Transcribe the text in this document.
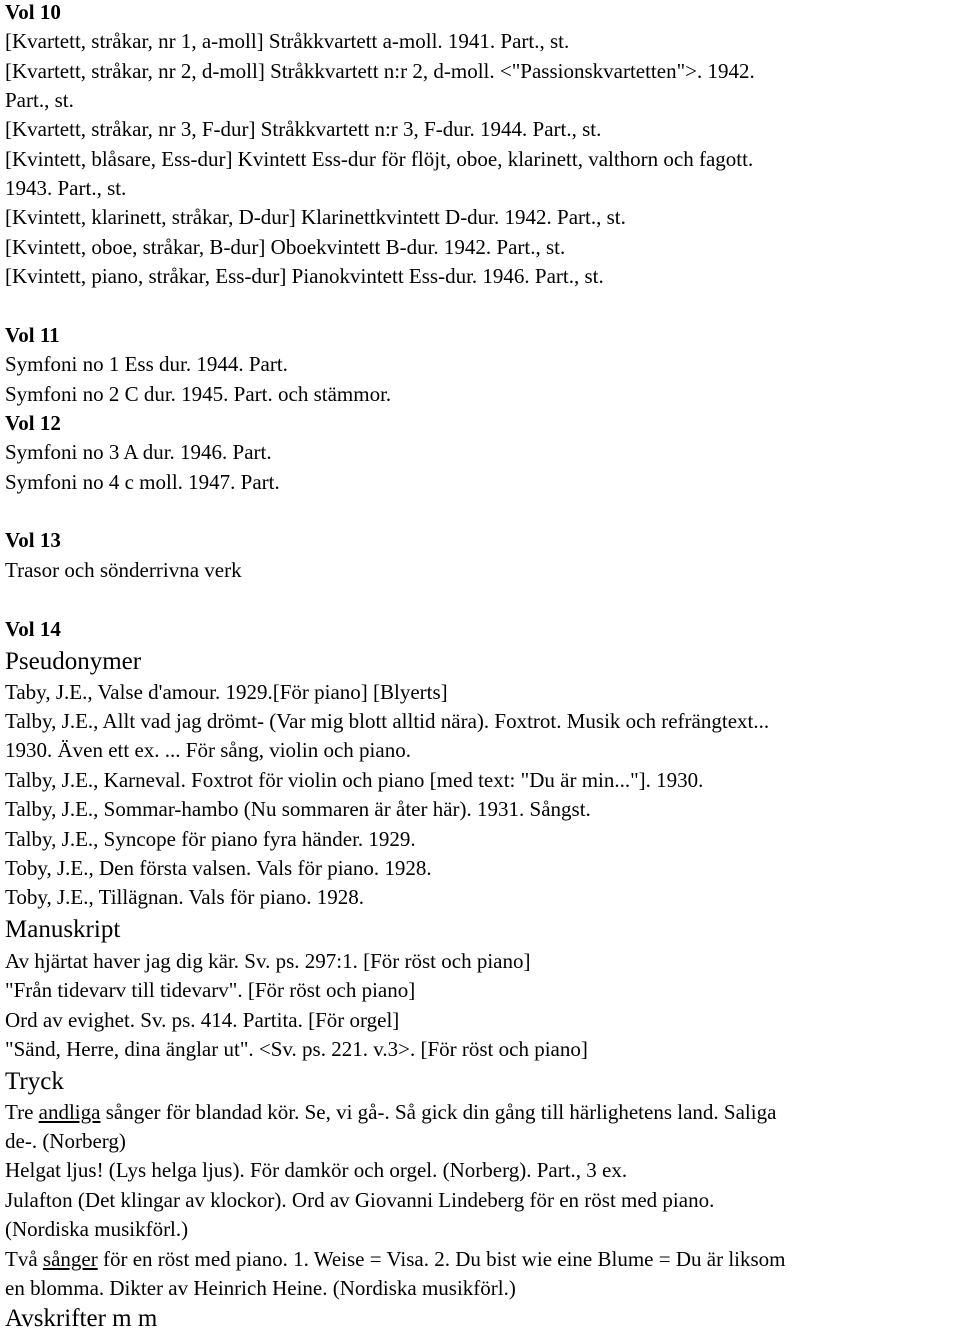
Vol 10
[Kvartett, stråkar, nr 1, a-moll] Stråkkvartett a-moll. 1941. Part., st.
[Kvartett, stråkar, nr 2, d-moll] Stråkkvartett n:r 2, d-moll. <"Passionskvartetten">. 1942.
Part., st.
[Kvartett, stråkar, nr 3, F-dur] Stråkkvartett n:r 3, F-dur. 1944. Part., st.
[Kvintett, blåsare, Ess-dur] Kvintett Ess-dur för flöjt, oboe, klarinett, valthorn och fagott.
1943. Part., st.
[Kvintett, klarinett, stråkar, D-dur] Klarinettkvintett D-dur. 1942. Part., st.
[Kvintett, oboe, stråkar, B-dur] Oboekvintett B-dur. 1942. Part., st.
[Kvintett, piano, stråkar, Ess-dur] Pianokvintett Ess-dur. 1946. Part., st.
Vol 11
Symfoni no 1 Ess dur. 1944. Part.
Symfoni no 2 C dur. 1945. Part. och stämmor.
Vol 12
Symfoni no 3 A dur. 1946. Part.
Symfoni no 4 c moll. 1947. Part.
Vol 13
Trasor och sönderrivna verk
Vol 14
Pseudonymer
Taby, J.E., Valse d'amour. 1929.[För piano] [Blyerts]
Talby, J.E., Allt vad jag drömt- (Var mig blott alltid nära). Foxtrot. Musik och refrängtext...
1930. Även ett ex. ... För sång, violin och piano.
Talby, J.E., Karneval. Foxtrot för violin och piano [med text: "Du är min..."]. 1930.
Talby, J.E., Sommar-hambo (Nu sommaren är åter här). 1931. Sångst.
Talby, J.E., Syncope för piano fyra händer. 1929.
Toby, J.E., Den första valsen. Vals för piano. 1928.
Toby, J.E., Tillägnan. Vals för piano. 1928.
Manuskript
Av hjärtat haver jag dig kär. Sv. ps. 297:1. [För röst och piano]
"Från tidevarv till tidevarv". [För röst och piano]
Ord av evighet. Sv. ps. 414. Partita. [För orgel]
"Sänd, Herre, dina änglar ut". <Sv. ps. 221. v.3>. [För röst och piano]
Tryck
Tre andliga sånger för blandad kör. Se, vi gå-. Så gick din gång till härlighetens land. Saliga
de-. (Norberg)
Helgat ljus! (Lys helga ljus). För damkör och orgel. (Norberg). Part., 3 ex.
Julafton (Det klingar av klockor). Ord av Giovanni Lindeberg för en röst med piano.
(Nordiska musikförl.)
Två sånger för en röst med piano. 1. Weise = Visa. 2. Du bist wie eine Blume = Du är liksom
en blomma. Dikter av Heinrich Heine. (Nordiska musikförl.)
Avskrifter m m
